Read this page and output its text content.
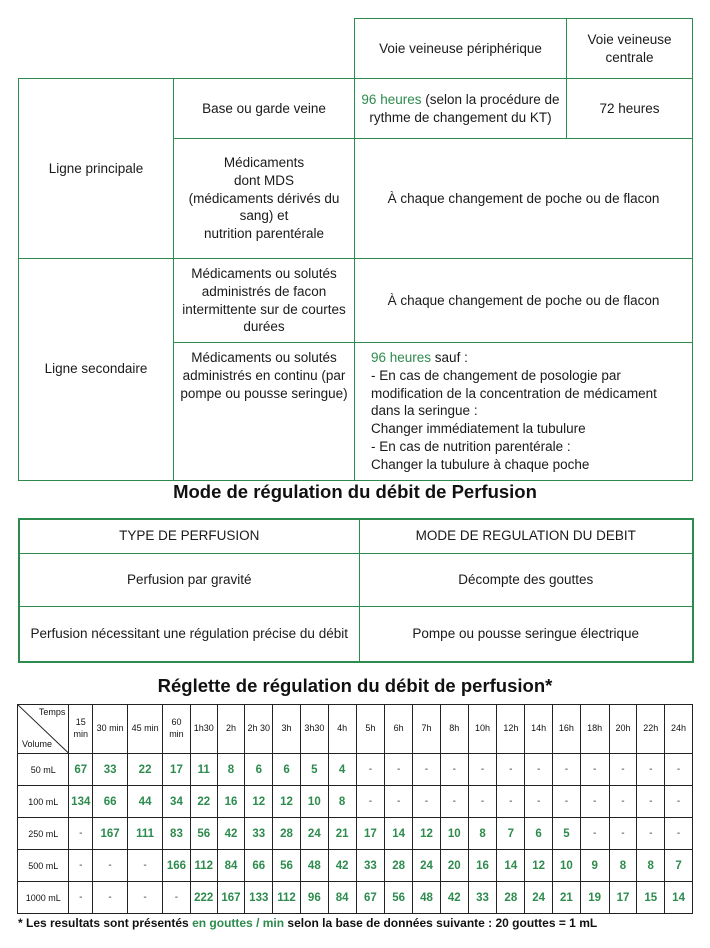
		Voie veineuse périphérique	Voie veineuse centrale
Ligne principale	Base ou garde veine	96 heures (selon la procédure de rythme de changement du KT)	72 heures

	Médicaments
dont MDS
(médicaments dérivés du sang) et
nutrition parentérale	À chaque changement de poche ou de flacon	
Ligne secondaire	Médicaments ou solutés administrés de facon intermittente sur de courtes durées	À chaque changement de poche ou de flacon	
	Médicaments ou solutés administrés en continu (par pompe ou pousse seringue)	96 heures sauf :
- En cas de changement de posologie par modification de la concentration de médicament dans la seringue :
Changer immédiatement la tubulure
- En cas de nutrition parentérale :
Changer la tubulure à chaque poche	
Mode de régulation du débit de Perfusion
TYPE DE PERFUSION	MODE DE REGULATION DU DEBIT
Perfusion par gravité	Décompte des gouttes
Perfusion nécessitant une régulation précise du débit	Pompe ou pousse seringue électrique
Réglette de régulation du débit de perfusion*
Temps
Volume	15 min	30 min	45 min	60 min	1h30	2h	2h 30	3h	3h30	4h	5h	6h	7h	8h	10h	12h	14h	16h	18h	20h	22h	24h
50 mL	67	33	22	17	11	8	6	6	5	4	-	-	-	-	-	-	-	-	-	-	-	-
100 mL	134	66	44	34	22	16	12	12	10	8	-	-	-	-	-	-	-	-	-	-	-	-
250 mL	-	167	111	83	56	42	33	28	24	21	17	14	12	10	8	7	6	5	-	-	-	-
500 mL	-	-	-	166	112	84	66	56	48	42	33	28	24	20	16	14	12	10	9	8	8	7
1000 mL	-	-	-	-	222	167	133	112	96	84	67	56	48	42	33	28	24	21	19	17	15	14
* Les resultats sont présentés en gouttes / min selon la base de données suivante : 20 gouttes = 1 mL
